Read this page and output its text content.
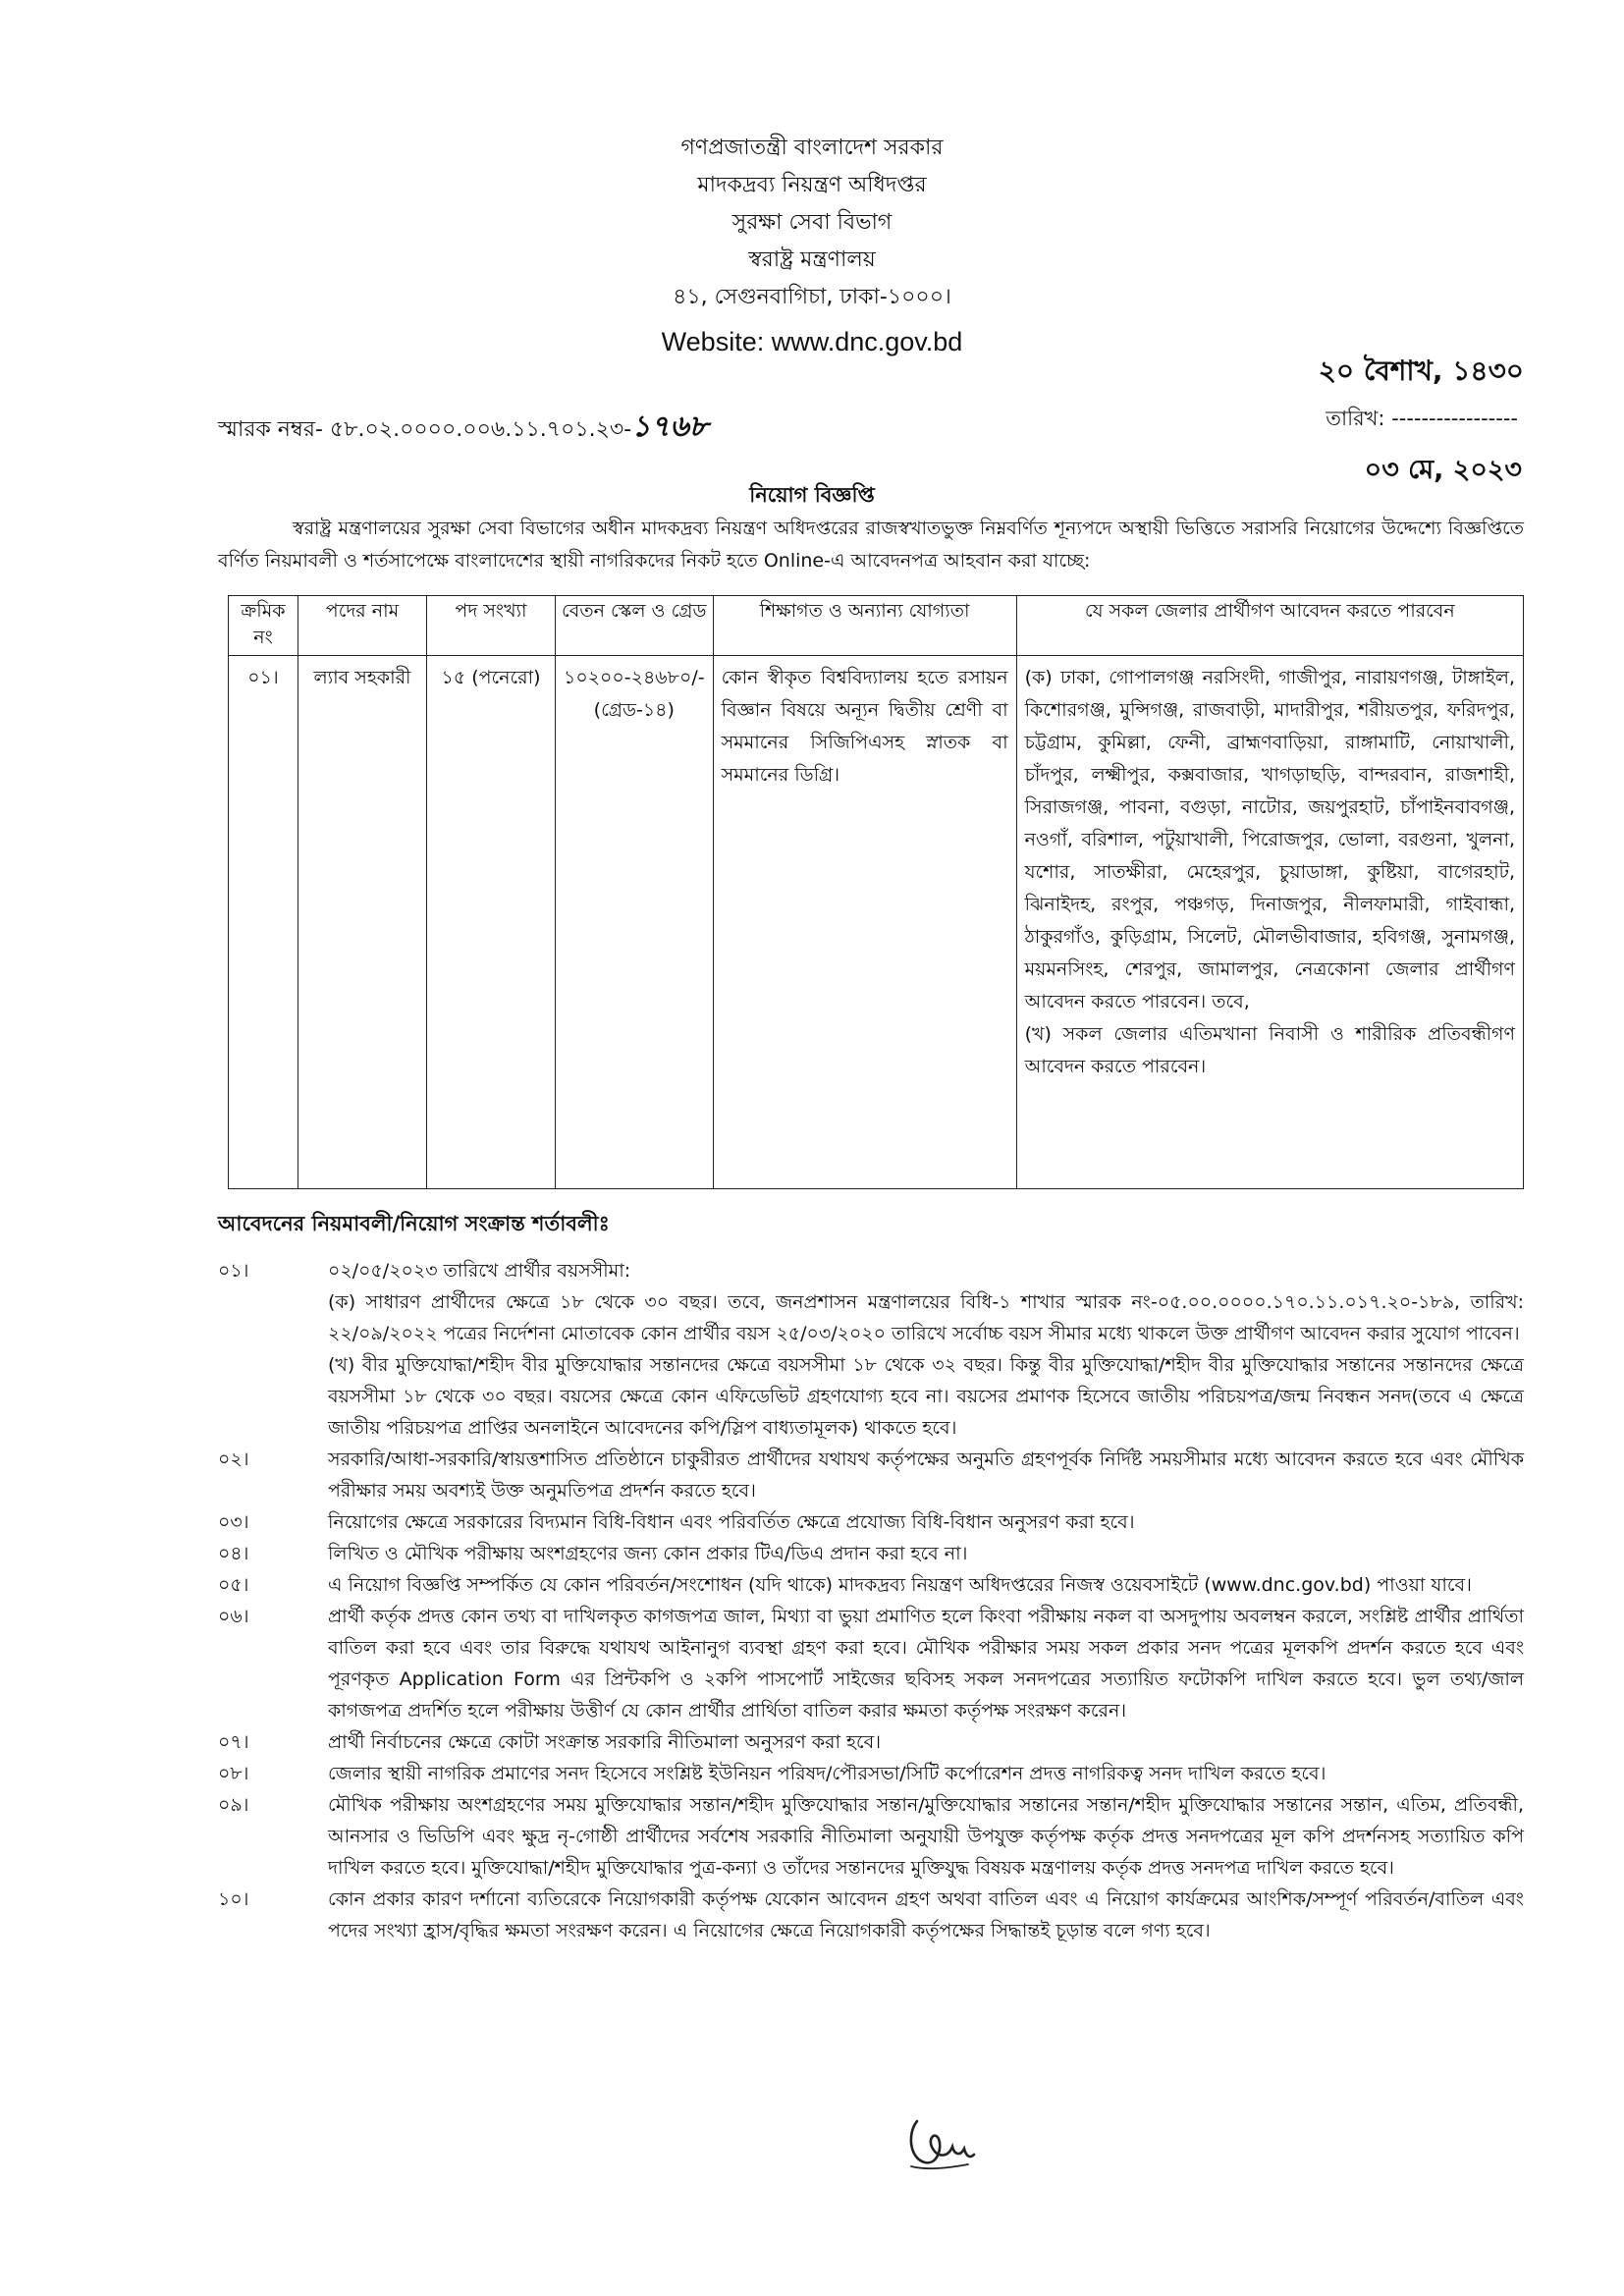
গণপ্রজাতন্ত্রী বাংলাদেশ সরকার
মাদকদ্রব্য নিয়ন্ত্রণ অধিদপ্তর
সুরক্ষা সেবা বিভাগ
স্বরাষ্ট্র মন্ত্রণালয়
৪১, সেগুনবাগিচা, ঢাকা-১০০০।
Website: www.dnc.gov.bd
২০ বৈশাখ, ১৪৩০
স্মারক নম্বর- ৫৮.০২.০০০০.০০৬.১১.৭০১.২৩-১৭৬৮	তারিখ: -----------------
০৩ মে, ২০২৩
নিয়োগ বিজ্ঞপ্তি
স্বরাষ্ট্র মন্ত্রণালয়ের সুরক্ষা সেবা বিভাগের অধীন মাদকদ্রব্য নিয়ন্ত্রণ অধিদপ্তরের রাজস্বখাতভুক্ত নিম্নবর্ণিত শূন্যপদে অস্থায়ী ভিত্তিতে সরাসরি নিয়োগের উদ্দেশ্যে বিজ্ঞপ্তিতে বর্ণিত নিয়মাবলী ও শর্তসাপেক্ষে বাংলাদেশের স্থায়ী নাগরিকদের নিকট হতে Online-এ আবেদনপত্র আহবান করা যাচ্ছে:
ক্রমিক নং	পদের নাম	পদ সংখ্যা	বেতন স্কেল ও গ্রেড	শিক্ষাগত ও অন্যান্য যোগ্যতা	যে সকল জেলার প্রার্থীগণ আবেদন করতে পারবেন
০১।	ল্যাব সহকারী	১৫ (পনেরো)	১০২০০-২৪৬৮০/- (গ্রেড-১৪)	কোন স্বীকৃত বিশ্ববিদ্যালয় হতে রসায়ন বিজ্ঞান বিষয়ে অন্যূন দ্বিতীয় শ্রেণী বা সমমানের সিজিপিএসহ স্নাতক বা সমমানের ডিগ্রি।	(ক) ঢাকা, গোপালগঞ্জ নরসিংদী, গাজীপুর, নারায়ণগঞ্জ, টাঙ্গাইল, কিশোরগঞ্জ, মুন্সিগঞ্জ, রাজবাড়ী, মাদারীপুর, শরীয়তপুর, ফরিদপুর, চট্টগ্রাম, কুমিল্লা, ফেনী, ব্রাহ্মণবাড়িয়া, রাঙ্গামাটি, নোয়াখালী, চাঁদপুর, লক্ষ্মীপুর, কক্সবাজার, খাগড়াছড়ি, বান্দরবান, রাজশাহী, সিরাজগঞ্জ, পাবনা, বগুড়া, নাটোর, জয়পুরহাট, চাঁপাইনবাবগঞ্জ, নওগাঁ, বরিশাল, পটুয়াখালী, পিরোজপুর, ভোলা, বরগুনা, খুলনা, যশোর, সাতক্ষীরা, মেহেরপুর, চুয়াডাঙ্গা, কুষ্টিয়া, বাগেরহাট, ঝিনাইদহ, রংপুর, পঞ্চগড়, দিনাজপুর, নীলফামারী, গাইবান্ধা, ঠাকুরগাঁও, কুড়িগ্রাম, সিলেট, মৌলভীবাজার, হবিগঞ্জ, সুনামগঞ্জ, ময়মনসিংহ, শেরপুর, জামালপুর, নেত্রকোনা জেলার প্রার্থীগণ আবেদন করতে পারবেন। তবে,
(খ) সকল জেলার এতিমখানা নিবাসী ও শারীরিক প্রতিবন্ধীগণ আবেদন করতে পারবেন।
আবেদনের নিয়মাবলী/নিয়োগ সংক্রান্ত শর্তাবলীঃ
০১।	০২/০৫/২০২৩ তারিখে প্রার্থীর বয়সসীমা:
(ক) সাধারণ প্রার্থীদের ক্ষেত্রে ১৮ থেকে ৩০ বছর। তবে, জনপ্রশাসন মন্ত্রণালয়ের বিধি-১ শাখার স্মারক নং-০৫.০০.০০০০.১৭০.১১.০১৭.২০-১৮৯, তারিখ: ২২/০৯/২০২২ পত্রের নির্দেশনা মোতাবেক কোন প্রার্থীর বয়স ২৫/০৩/২০২০ তারিখে সর্বোচ্চ বয়স সীমার মধ্যে থাকলে উক্ত প্রার্থীগণ আবেদন করার সুযোগ পাবেন।
(খ) বীর মুক্তিযোদ্ধা/শহীদ বীর মুক্তিযোদ্ধার সন্তানদের ক্ষেত্রে বয়সসীমা ১৮ থেকে ৩২ বছর। কিন্তু বীর মুক্তিযোদ্ধা/শহীদ বীর মুক্তিযোদ্ধার সন্তানের সন্তানদের ক্ষেত্রে বয়সসীমা ১৮ থেকে ৩০ বছর। বয়সের ক্ষেত্রে কোন এফিডেভিট গ্রহণযোগ্য হবে না। বয়সের প্রমাণক হিসেবে জাতীয় পরিচয়পত্র/জন্ম নিবন্ধন সনদ(তবে এ ক্ষেত্রে জাতীয় পরিচয়পত্র প্রাপ্তির অনলাইনে আবেদনের কপি/স্লিপ বাধ্যতামূলক) থাকতে হবে।
০২।	সরকারি/আধা-সরকারি/স্বায়ত্তশাসিত প্রতিষ্ঠানে চাকুরীরত প্রার্থীদের যথাযথ কর্তৃপক্ষের অনুমতি গ্রহণপূর্বক নির্দিষ্ট সময়সীমার মধ্যে আবেদন করতে হবে এবং মৌখিক পরীক্ষার সময় অবশ্যই উক্ত অনুমতিপত্র প্রদর্শন করতে হবে।
০৩।	নিয়োগের ক্ষেত্রে সরকারের বিদ্যমান বিধি-বিধান এবং পরিবর্তিত ক্ষেত্রে প্রযোজ্য বিধি-বিধান অনুসরণ করা হবে।
০৪।	লিখিত ও মৌখিক পরীক্ষায় অংশগ্রহণের জন্য কোন প্রকার টিএ/ডিএ প্রদান করা হবে না।
০৫।	এ নিয়োগ বিজ্ঞপ্তি সম্পর্কিত যে কোন পরিবর্তন/সংশোধন (যদি থাকে) মাদকদ্রব্য নিয়ন্ত্রণ অধিদপ্তরের নিজস্ব ওয়েবসাইটে (www.dnc.gov.bd) পাওয়া যাবে।
০৬।	প্রার্থী কর্তৃক প্রদত্ত কোন তথ্য বা দাখিলকৃত কাগজপত্র জাল, মিথ্যা বা ভুয়া প্রমাণিত হলে কিংবা পরীক্ষায় নকল বা অসদুপায় অবলম্বন করলে, সংশ্লিষ্ট প্রার্থীর প্রার্থিতা বাতিল করা হবে এবং তার বিরুদ্ধে যথাযথ আইনানুগ ব্যবস্থা গ্রহণ করা হবে। মৌখিক পরীক্ষার সময় সকল প্রকার সনদ পত্রের মূলকপি প্রদর্শন করতে হবে এবং পূরণকৃত Application Form এর প্রিন্টকপি ও ২কপি পাসপোর্ট সাইজের ছবিসহ সকল সনদপত্রের সত্যায়িত ফটোকপি দাখিল করতে হবে। ভুল তথ্য/জাল কাগজপত্র প্রদর্শিত হলে পরীক্ষায় উত্তীর্ণ যে কোন প্রার্থীর প্রার্থিতা বাতিল করার ক্ষমতা কর্তৃপক্ষ সংরক্ষণ করেন।
০৭।	প্রার্থী নির্বাচনের ক্ষেত্রে কোটা সংক্রান্ত সরকারি নীতিমালা অনুসরণ করা হবে।
০৮।	জেলার স্থায়ী নাগরিক প্রমাণের সনদ হিসেবে সংশ্লিষ্ট ইউনিয়ন পরিষদ/পৌরসভা/সিটি কর্পোরেশন প্রদত্ত নাগরিকত্ব সনদ দাখিল করতে হবে।
০৯।	মৌখিক পরীক্ষায় অংশগ্রহণের সময় মুক্তিযোদ্ধার সন্তান/শহীদ মুক্তিযোদ্ধার সন্তান/মুক্তিযোদ্ধার সন্তানের সন্তান/শহীদ মুক্তিযোদ্ধার সন্তানের সন্তান, এতিম, প্রতিবন্ধী, আনসার ও ভিডিপি এবং ক্ষুদ্র নৃ-গোষ্ঠী প্রার্থীদের সর্বশেষ সরকারি নীতিমালা অনুযায়ী উপযুক্ত কর্তৃপক্ষ কর্তৃক প্রদত্ত সনদপত্রের মূল কপি প্রদর্শনসহ সত্যায়িত কপি দাখিল করতে হবে। মুক্তিযোদ্ধা/শহীদ মুক্তিযোদ্ধার পুত্র-কন্যা ও তাঁদের সন্তানদের মুক্তিযুদ্ধ বিষয়ক মন্ত্রণালয় কর্তৃক প্রদত্ত সনদপত্র দাখিল করতে হবে।
১০।	কোন প্রকার কারণ দর্শানো ব্যতিরেকে নিয়োগকারী কর্তৃপক্ষ যেকোন আবেদন গ্রহণ অথবা বাতিল এবং এ নিয়োগ কার্যক্রমের আংশিক/সম্পূর্ণ পরিবর্তন/বাতিল এবং পদের সংখ্যা হ্রাস/বৃদ্ধির ক্ষমতা সংরক্ষণ করেন। এ নিয়োগের ক্ষেত্রে নিয়োগকারী কর্তৃপক্ষের সিদ্ধান্তই চূড়ান্ত বলে গণ্য হবে।
